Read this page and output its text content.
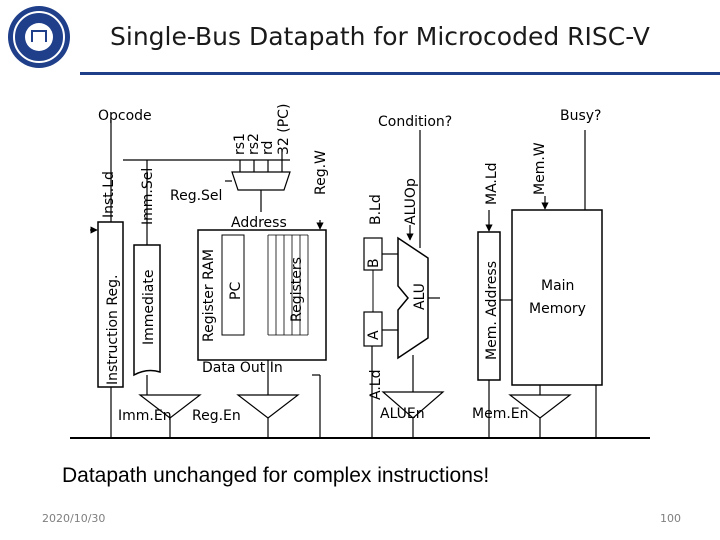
Single-Bus Datapath for Microcoded RISC-V
Instruction Reg.
Opcode
Inst.Ld
Immediate
Imm.Sel
Imm.En
rs1
rs2
rd 32 (PC)
Reg.Sel
Address
Register RAM PC	Registers
Data Out In
Reg.W
Reg.En
Condition?
B
B.Ld
A
A.Ld
ALU
ALUOp
ALUEn
Mem. Address
MA.Ld
Main
Memory
Mem.W
Busy?
Mem.En
Datapath unchanged for complex instructions!
2020/10/30	100
